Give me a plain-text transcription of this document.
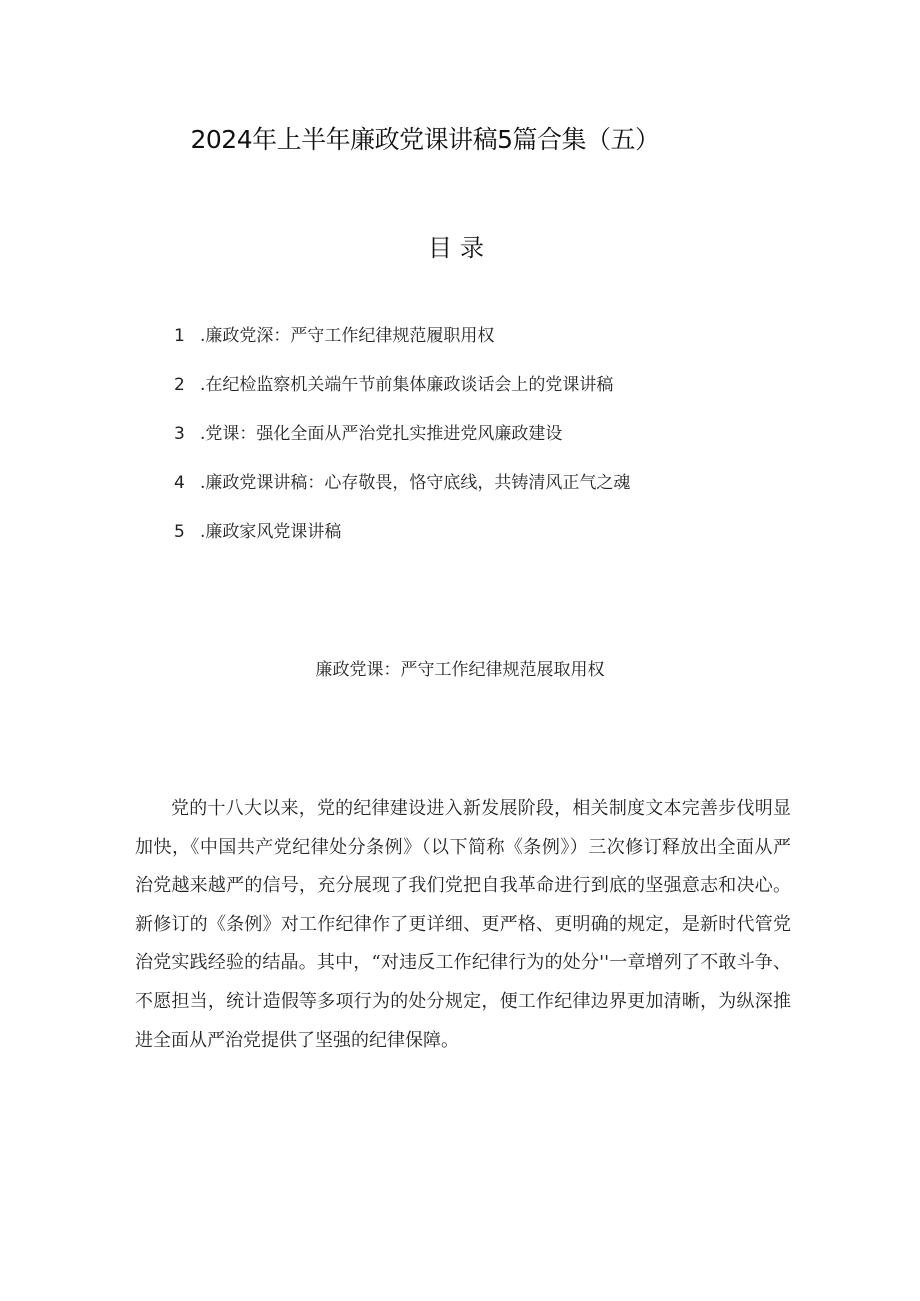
2024年上半年廉政党课讲稿5篇合集（五）
目录
1 .廉政党深：严守工作纪律规范履职用权
2 .在纪检监察机关端午节前集体廉政谈话会上的党课讲稿
3 .党课：强化全面从严治党扎实推进党风廉政建设
4 .廉政党课讲稿：心存敬畏，恪守底线，共铸清风正气之魂
5 .廉政家风党课讲稿
廉政党课：严守工作纪律规范展取用权

党的十八大以来，党的纪律建设进入新发展阶段，相关制度文本完善步伐明显加快，《中国共产党纪律处分条例》（以下简称《条例》）三次修订释放出全面从严治党越来越严的信号，充分展现了我们党把自我革命进行到底的坚强意志和决心。新修订的《条例》对工作纪律作了更详细、更严格、更明确的规定，是新时代管党治党实践经验的结晶。其中，“对违反工作纪律行为的处分''一章增列了不敢斗争、不愿担当，统计造假等多项行为的处分规定，便工作纪律边界更加清晰，为纵深推进全面从严治党提供了坚强的纪律保障。
